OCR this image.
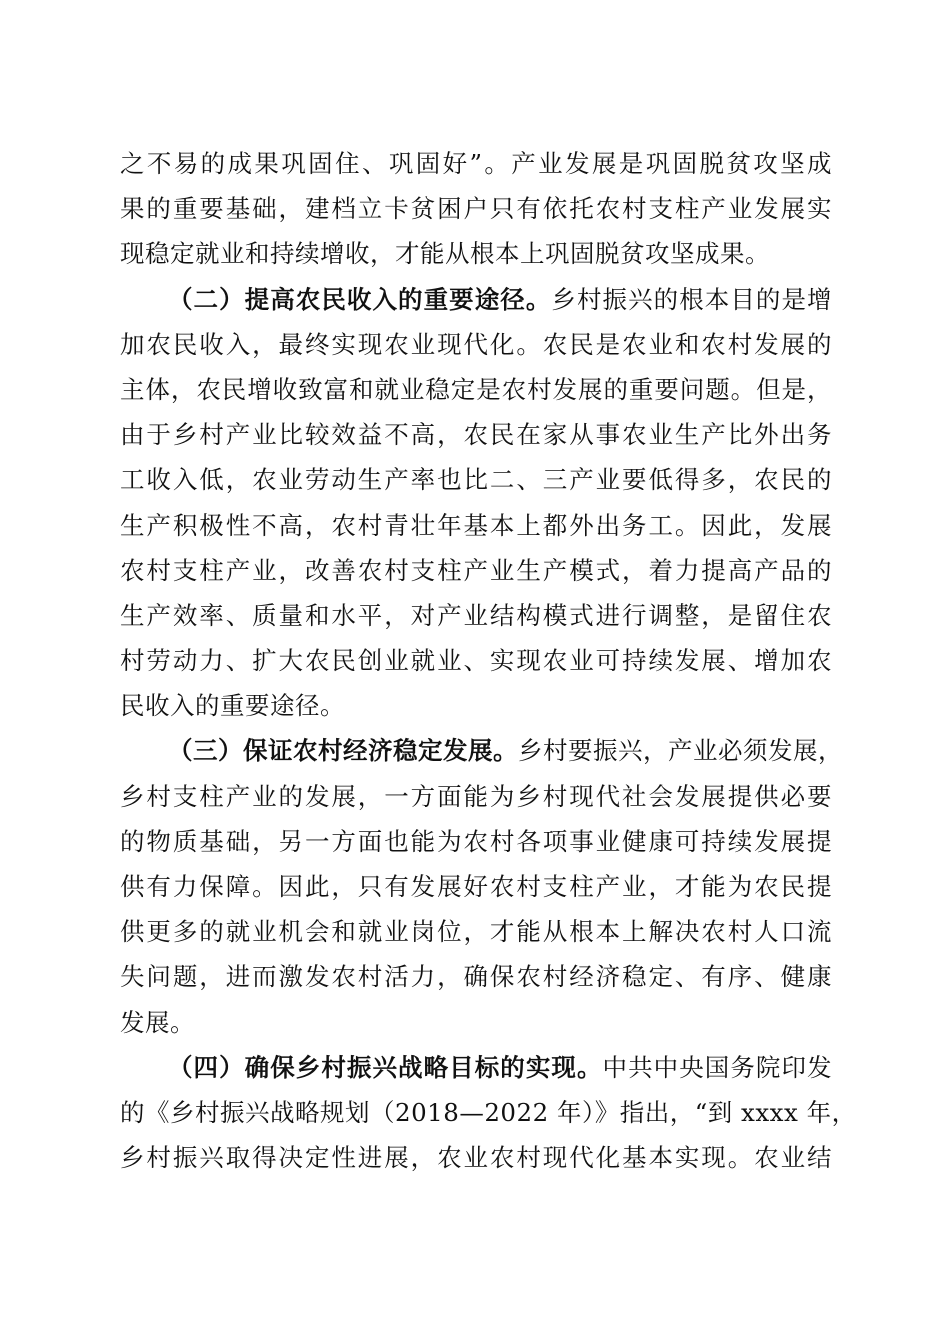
之不易的成果巩固住、巩固好”。产业发展是巩固脱贫攻坚成
果的重要基础，建档立卡贫困户只有依托农村支柱产业发展实
现稳定就业和持续增收，才能从根本上巩固脱贫攻坚成果。
（二）提高农民收入的重要途径。乡村振兴的根本目的是增
加农民收入，最终实现农业现代化。农民是农业和农村发展的
主体，农民增收致富和就业稳定是农村发展的重要问题。但是，
由于乡村产业比较效益不高，农民在家从事农业生产比外出务
工收入低，农业劳动生产率也比二、三产业要低得多，农民的
生产积极性不高，农村青壮年基本上都外出务工。因此，发展
农村支柱产业，改善农村支柱产业生产模式，着力提高产品的
生产效率、质量和水平，对产业结构模式进行调整，是留住农
村劳动力、扩大农民创业就业、实现农业可持续发展、增加农
民收入的重要途径。
（三）保证农村经济稳定发展。乡村要振兴，产业必须发展，
乡村支柱产业的发展，一方面能为乡村现代社会发展提供必要
的物质基础，另一方面也能为农村各项事业健康可持续发展提
供有力保障。因此，只有发展好农村支柱产业，才能为农民提
供更多的就业机会和就业岗位，才能从根本上解决农村人口流
失问题，进而激发农村活力，确保农村经济稳定、有序、健康
发展。
（四）确保乡村振兴战略目标的实现。中共中央国务院印发
的《乡村振兴战略规划（2018—2022 年）》指出，“到 xxxx 年，
乡村振兴取得决定性进展，农业农村现代化基本实现。农业结
